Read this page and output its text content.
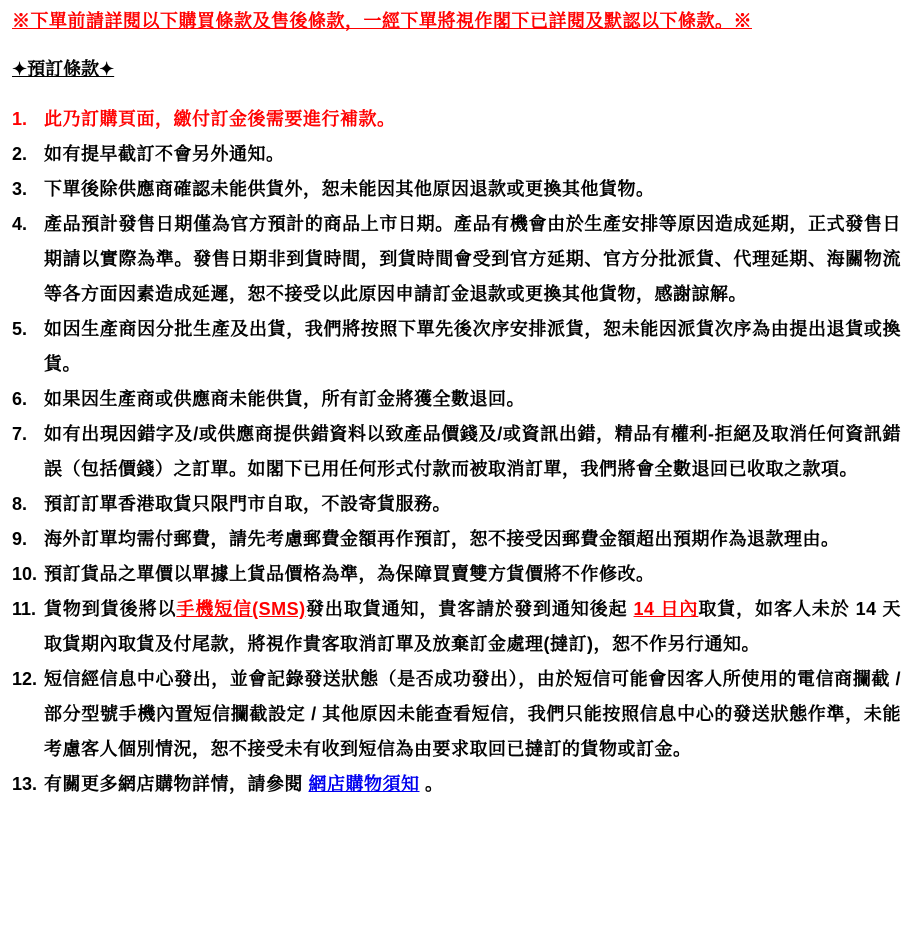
※下單前請詳閱以下購買條款及售後條款，一經下單將視作閣下已詳閱及默認以下條款。※
✦預訂條款✦
1. 此乃訂購頁面，繳付訂金後需要進行補款。
2. 如有提早截訂不會另外通知。
3. 下單後除供應商確認未能供貨外，恕未能因其他原因退款或更換其他貨物。
4. 產品預計發售日期僅為官方預計的商品上市日期。產品有機會由於生產安排等原因造成延期，正式發售日期請以實際為準。發售日期非到貨時間，到貨時間會受到官方延期、官方分批派貨、代理延期、海關物流等各方面因素造成延遲，恕不接受以此原因申請訂金退款或更換其他貨物，感謝諒解。
5. 如因生產商因分批生產及出貨，我們將按照下單先後次序安排派貨，恕未能因派貨次序為由提出退貨或換貨。
6. 如果因生產商或供應商未能供貨，所有訂金將獲全數退回。
7. 如有出現因錯字及/或供應商提供錯資料以致產品價錢及/或資訊出錯，精品有權利-拒絕及取消任何資訊錯誤（包括價錢）之訂單。如閣下已用任何形式付款而被取消訂單，我們將會全數退回已收取之款項。
8. 預訂訂單香港取貨只限門市自取，不設寄貨服務。
9. 海外訂單均需付郵費，請先考慮郵費金額再作預訂，恕不接受因郵費金額超出預期作為退款理由。
10. 預訂貨品之單價以單據上貨品價格為準，為保障買賣雙方貨價將不作修改。
11. 貨物到貨後將以手機短信(SMS)發出取貨通知，貴客請於發到通知後起 14 日內取貨，如客人未於 14 天取貨期內取貨及付尾款，將視作貴客取消訂單及放棄訂金處理(撻訂)，恕不作另行通知。
12. 短信經信息中心發出，並會記錄發送狀態（是否成功發出），由於短信可能會因客人所使用的電信商攔截 / 部分型號手機內置短信攔截設定 / 其他原因未能查看短信，我們只能按照信息中心的發送狀態作準，未能考慮客人個別情況，恕不接受未有收到短信為由要求取回已撻訂的貨物或訂金。
13. 有關更多網店購物詳情，請參閱 網店購物須知 。
